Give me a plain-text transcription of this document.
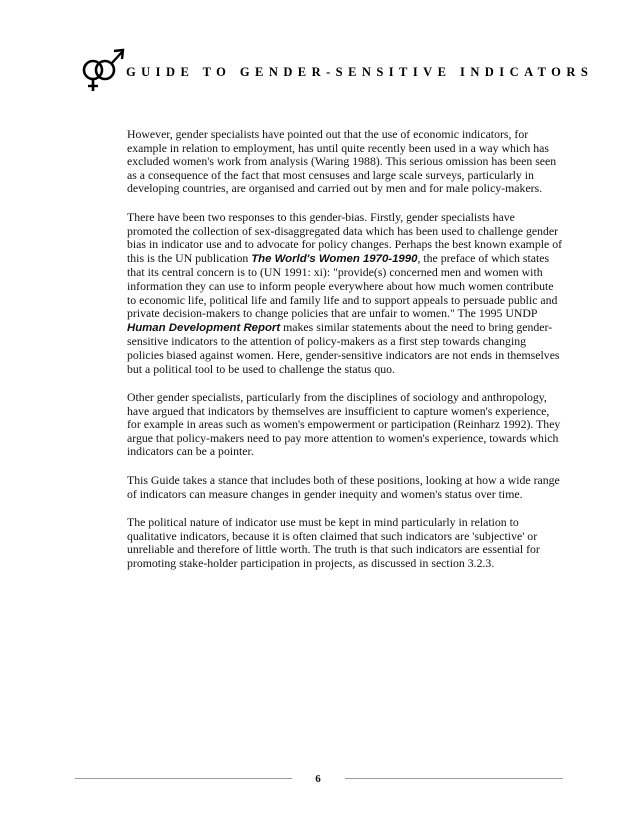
GUIDE TO GENDER-SENSITIVE INDICATORS

However, gender specialists have pointed out that the use of economic indicators, for example in relation to employment, has until quite recently been used in a way which has excluded women's work from analysis (Waring 1988). This serious omission has been seen as a consequence of the fact that most censuses and large scale surveys, particularly in developing countries, are organised and carried out by men and for male policy-makers.

There have been two responses to this gender-bias. Firstly, gender specialists have promoted the collection of sex-disaggregated data which has been used to challenge gender bias in indicator use and to advocate for policy changes. Perhaps the best known example of this is the UN publication The World's Women 1970-1990, the preface of which states that its central concern is to (UN 1991: xi): "provide(s) concerned men and women with information they can use to inform people everywhere about how much women contribute to economic life, political life and family life and to support appeals to persuade public and private decision-makers to change policies that are unfair to women." The 1995 UNDP Human Development Report makes similar statements about the need to bring gender-sensitive indicators to the attention of policy-makers as a first step towards changing policies biased against women. Here, gender-sensitive indicators are not ends in themselves but a political tool to be used to challenge the status quo.

Other gender specialists, particularly from the disciplines of sociology and anthropology, have argued that indicators by themselves are insufficient to capture women's experience, for example in areas such as women's empowerment or participation (Reinharz 1992). They argue that policy-makers need to pay more attention to women's experience, towards which indicators can be a pointer.

This Guide takes a stance that includes both of these positions, looking at how a wide range of indicators can measure changes in gender inequity and women's status over time.

The political nature of indicator use must be kept in mind particularly in relation to qualitative indicators, because it is often claimed that such indicators are 'subjective' or unreliable and therefore of little worth. The truth is that such indicators are essential for promoting stake-holder participation in projects, as discussed in section 3.2.3.

6
